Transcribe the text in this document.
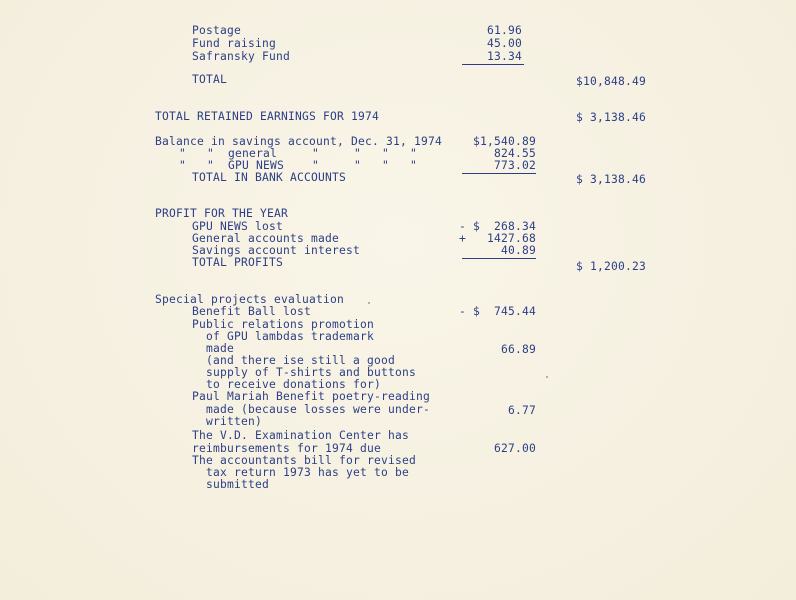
Postage	61.96
Fund raising	45.00
Safransky Fund	13.34
TOTAL	$10,848.49
TOTAL RETAINED EARNINGS FOR 1974	$ 3,138.46
Balance in savings account, Dec. 31, 1974	$1,540.89
"   "  general     "     "   "   "	824.55
"   "  GPU NEWS    "     "   "   "	773.02
TOTAL IN BANK ACCOUNTS	$ 3,138.46
PROFIT FOR THE YEAR
GPU NEWS lost	- $  268.34
General accounts made	+   1427.68
Savings account interest	40.89
TOTAL PROFITS	$ 1,200.23
Special projects evaluation
Benefit Ball lost	- $  745.44
Public relations promotion
of GPU lambdas trademark
made	66.89
(and there ise still a good
supply of T-shirts and buttons
to receive donations for)
Paul Mariah Benefit poetry-reading
made (because losses were under-	6.77
written)
The V.D. Examination Center has
reimbursements for 1974 due	627.00
The accountants bill for revised
tax return 1973 has yet to be
submitted
